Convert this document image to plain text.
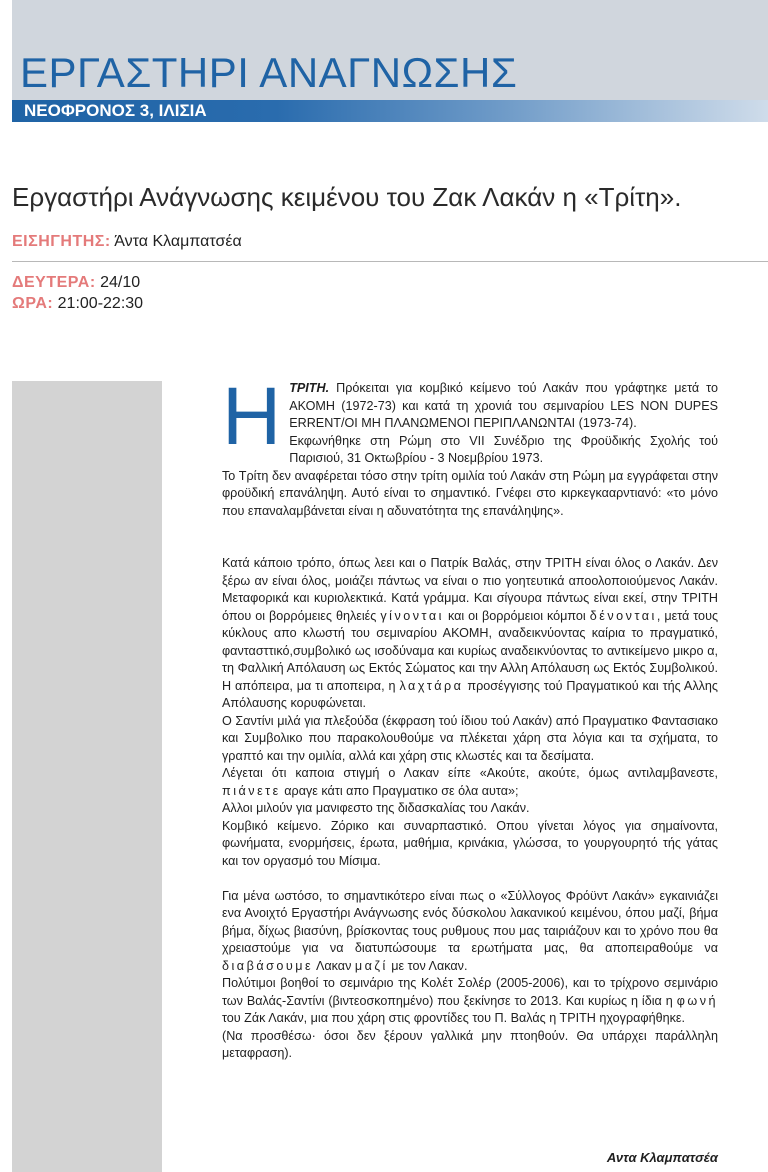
ΕΡΓΑΣΤΗΡΙ ΑΝΑΓΝΩΣΗΣ
ΝΕΟΦΡΟΝΟΣ 3, ΙΛΙΣΙΑ
Εργαστήρι Ανάγνωσης κειμένου του Ζακ Λακάν η «Τρίτη».
ΕΙΣΗΓΗΤΗΣ: Άντα Κλαμπατσέα
ΔΕΥΤΕΡΑ: 24/10
ΩΡΑ: 21:00-22:30

Η ΤΡΙΤΗ. Πρόκειται για κομβικό κείμενο τού Λακάν που γράφτηκε μετά το ΑΚΟΜΗ (1972-73) και κατά τη χρονιά του σεμιναρίου LES NON DUPES ERRENT/ΟΙ ΜΗ ΠΛΑΝΩΜΕΝΟΙ ΠΕΡΙΠΛΑΝΩΝΤΑΙ (1973-74).

Εκφωνήθηκε στη Ρώμη στο VII Συνέδριο της Φροϋδικής Σχολής τού Παρισιού, 31 Οκτωβρίου - 3 Νοεμβρίου 1973.

Το Τρίτη δεν αναφέρεται τόσο στην τρίτη ομιλία τού Λακάν στη Ρώμη μα εγγράφεται στην φροϋδική επανάληψη. Αυτό είναι το σημαντικό. Γνέφει στο κιρκεγκααρντιανό: «το μόνο που επαναλαμβάνεται είναι η αδυνατότητα της επανάληψης».

Κατά κάποιο τρόπο, όπως λεει και ο Πατρίκ Βαλάς, στην ΤΡΙΤΗ είναι όλος ο Λακάν. Δεν ξέρω αν είναι όλος, μοιάζει πάντως να είναι ο πιο γοητευτικά αποολοποιούμενος Λακάν. Μεταφορικά και κυριολεκτικά. Κατά γράμμα. Και σίγουρα πάντως είναι εκεί, στην ΤΡΙΤΗ όπου οι βορρόμειες θηλειές γίνονται και οι βορρόμειοι κόμποι δένονται, μετά τους κύκλους απο κλωστή του σεμιναρίου ΑΚΟΜΗ, αναδεικνύοντας καίρια το πραγματικό, φαντασττικό,συμβολικό ως ισοδύναμα και κυρίως αναδεικνύοντας το αντικείμενο μικρο α, τη Φαλλική Απόλαυση ως Εκτός Σώματος και την Αλλη Απόλαυση ως Εκτός Συμβολικού. Η απόπειρα, μα τι αποπειρα, η λαχτάρα προσέγγισης τού Πραγματικού και τής Αλλης Απόλαυσης κορυφώνεται.

Ο Σαντίνι μιλά για πλεξούδα (έκφραση τού ίδιου τού Λακάν) από Πραγματικο Φαντασιακο και Συμβολικο που παρακολουθούμε να πλέκεται χάρη στα λόγια και τα σχήματα, το γραπτό και την ομιλία, αλλά και χάρη στις κλωστές και τα δεσίματα.

Λέγεται ότι καποια στιγμή ο Λακαν είπε «Ακούτε, ακούτε, όμως αντιλαμβανεστε, πιάνετε αραγε κάτι απο Πραγματικο σε όλα αυτα»;

Αλλοι μιλούν για μανιφεστο της διδασκαλίας του Λακάν.

Κομβικό κείμενο. Ζόρικο και συναρπαστικό. Οπου γίνεται λόγος για σημαίνοντα, φωνήματα, ενορμήσεις, έρωτα, μαθήμια, κρινάκια, γλώσσα, το γουργουρητό τής γάτας και τον οργασμό του Μίσιμα.

Για μένα ωστόσο, το σημαντικότερο είναι πως ο «Σύλλογος Φρόϋντ Λακάν» εγκαινιάζει ενα Ανοιχτό Εργαστήρι Ανάγνωσης ενός δύσκολου λακανικού κειμένου, όπου μαζί, βήμα βήμα, δίχως βιασύνη, βρίσκοντας τους ρυθμους που μας ταιριάζουν και το χρόνο που θα χρειαστούμε για να διατυπώσουμε τα ερωτήματα μας, θα αποπειραθούμε να διαβάσουμε Λακαν μαζί με τον Λακαν.

Πολύτιμοι βοηθοί το σεμινάριο της Κολέτ Σολέρ (2005-2006), και το τρίχρονο σεμινάριο των Βαλάς-Σαντίνι (βιντεοσκοπημένο) που ξεκίνησε το 2013. Και κυρίως η ίδια η φωνή του Ζάκ Λακάν, μια που χάρη στις φροντίδες του Π. Βαλάς η ΤΡΙΤΗ ηχογραφήθηκε.

(Να προσθέσω· όσοι δεν ξέρουν γαλλικά μην πτοηθούν. Θα υπάρχει παράλληλη μεταφραση).

Αντα Κλαμπατσέα
